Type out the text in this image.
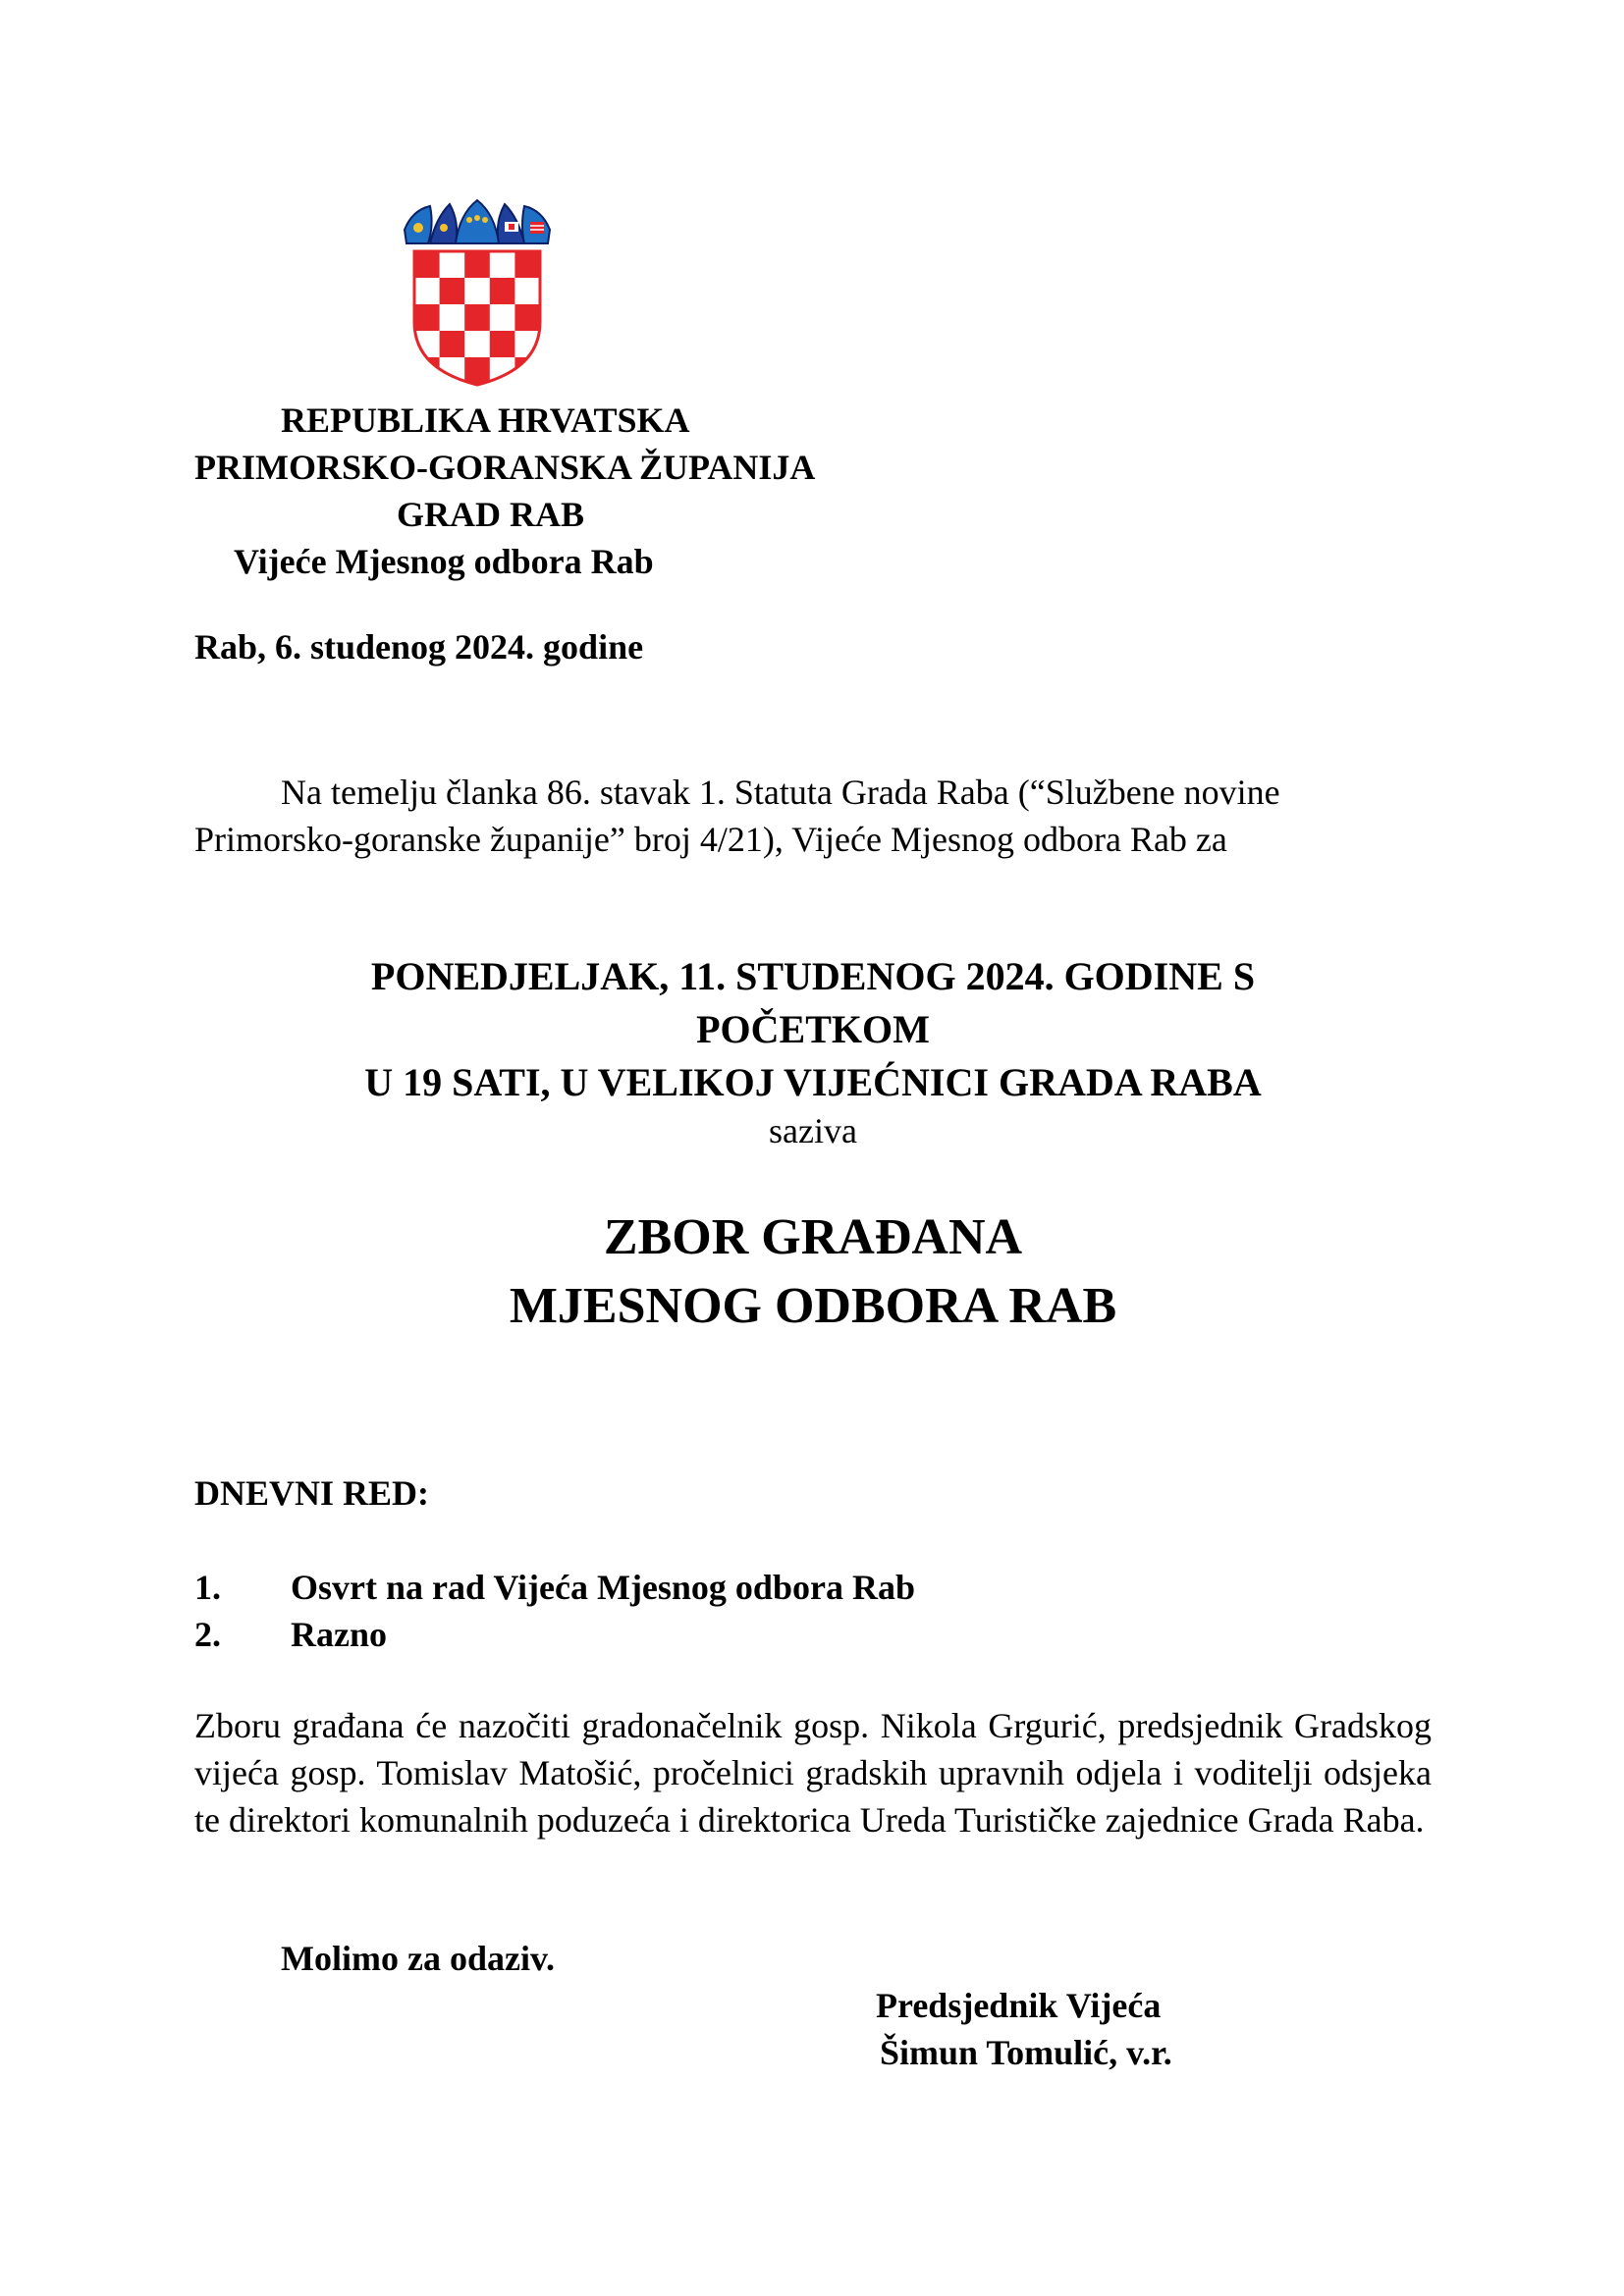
REPUBLIKA HRVATSKA
PRIMORSKO-GORANSKA ŽUPANIJA
GRAD RAB
Vijeće Mjesnog odbora Rab
Rab, 6. studenog 2024. godine
Na temelju članka 86. stavak 1. Statuta Grada Raba (“Službene novine
Primorsko-goranske županije” broj 4/21), Vijeće Mjesnog odbora Rab za
PONEDJELJAK, 11. STUDENOG 2024. GODINE S
POČETKOM
U 19 SATI, U VELIKOJ VIJEĆNICI GRADA RABA
saziva
ZBOR GRAĐANA
MJESNOG ODBORA RAB
DNEVNI RED:
1. Osvrt na rad Vijeća Mjesnog odbora Rab
2. Razno
Zboru građana će nazočiti gradonačelnik gosp. Nikola Grgurić, predsjednik Gradskog vijeća gosp. Tomislav Matošić, pročelnici gradskih upravnih odjela i voditelji odsjeka te direktori komunalnih poduzeća i direktorica Ureda Turističke zajednice Grada Raba.
Molimo za odaziv.
Predsjednik Vijeća
Šimun Tomulić, v.r.
